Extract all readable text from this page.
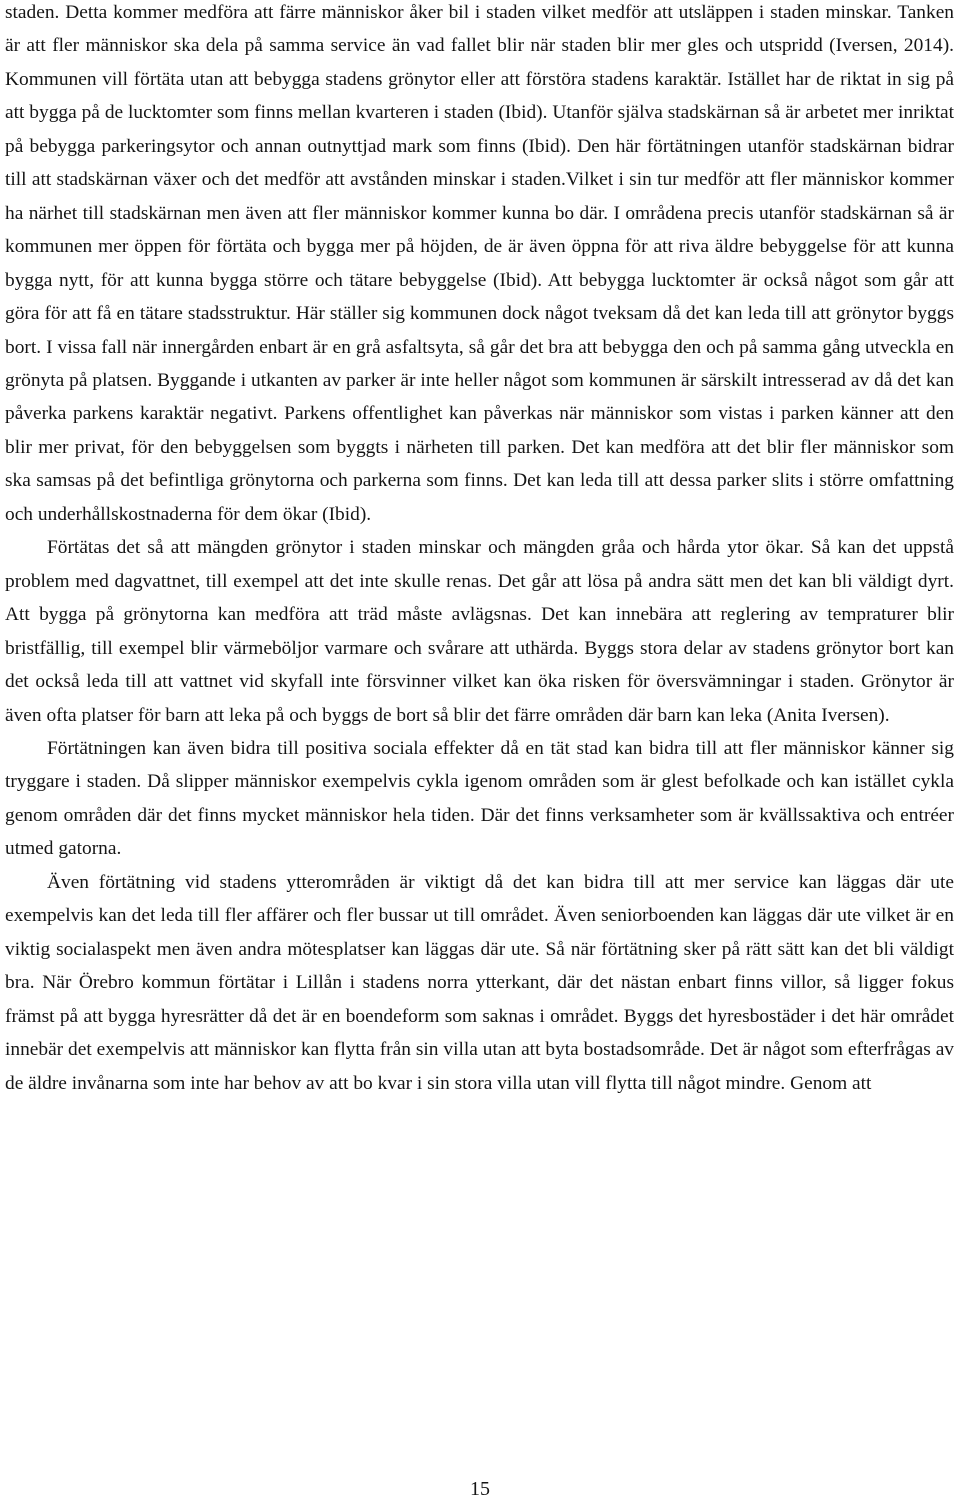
staden. Detta kommer medföra att färre människor åker bil i staden vilket medför att utsläppen i staden minskar. Tanken är att fler människor ska dela på samma service än vad fallet blir när staden blir mer gles och utspridd (Iversen, 2014). Kommunen vill förtäta utan att bebygga stadens grönytor eller att förstöra stadens karaktär. Istället har de riktat in sig på att bygga på de lucktomter som finns mellan kvarteren i staden (Ibid). Utanför själva stadskärnan så är arbetet mer inriktat på bebygga parkeringsytor och annan outnyttjad mark som finns (Ibid). Den här förtätningen utanför stadskärnan bidrar till att stadskärnan växer och det medför att avstånden minskar i staden.Vilket i sin tur medför att fler människor kommer ha närhet till stadskärnan men även att fler människor kommer kunna bo där. I områdena precis utanför stadskärnan så är kommunen mer öppen för förtäta och bygga mer på höjden, de är även öppna för att riva äldre bebyggelse för att kunna bygga nytt, för att kunna bygga större och tätare bebyggelse (Ibid). Att bebygga lucktomter är också något som går att göra för att få en tätare stadsstruktur. Här ställer sig kommunen dock något tveksam då det kan leda till att grönytor byggs bort. I vissa fall när innergården enbart är en grå asfaltsyta, så går det bra att bebygga den och på samma gång utveckla en grönyta på platsen. Byggande i utkanten av parker är inte heller något som kommunen är särskilt intresserad av då det kan påverka parkens karaktär negativt. Parkens offentlighet kan påverkas när människor som vistas i parken känner att den blir mer privat, för den bebyggelsen som byggts i närheten till parken. Det kan medföra att det blir fler människor som ska samsas på det befintliga grönytorna och parkerna som finns. Det kan leda till att dessa parker slits i större omfattning och underhållskostnaderna för dem ökar (Ibid).

Förtätas det så att mängden grönytor i staden minskar och mängden gråa och hårda ytor ökar. Så kan det uppstå problem med dagvattnet, till exempel att det inte skulle renas. Det går att lösa på andra sätt men det kan bli väldigt dyrt. Att bygga på grönytorna kan medföra att träd måste avlägsnas. Det kan innebära att reglering av tempraturer blir bristfällig, till exempel blir värmeböljor varmare och svårare att uthärda. Byggs stora delar av stadens grönytor bort kan det också leda till att vattnet vid skyfall inte försvinner vilket kan öka risken för översvämningar i staden. Grönytor är även ofta platser för barn att leka på och byggs de bort så blir det färre områden där barn kan leka (Anita Iversen).

Förtätningen kan även bidra till positiva sociala effekter då en tät stad kan bidra till att fler människor känner sig tryggare i staden. Då slipper människor exempelvis cykla igenom områden som är glest befolkade och kan istället cykla genom områden där det finns mycket människor hela tiden. Där det finns verksamheter som är kvällssaktiva och entréer utmed gatorna.

Även förtätning vid stadens ytterområden är viktigt då det kan bidra till att mer service kan läggas där ute exempelvis kan det leda till fler affärer och fler bussar ut till området. Även seniorboenden kan läggas där ute vilket är en viktig socialaspekt men även andra mötesplatser kan läggas där ute. Så när förtätning sker på rätt sätt kan det bli väldigt bra. När Örebro kommun förtätar i Lillån i stadens norra ytterkant, där det nästan enbart finns villor, så ligger fokus främst på att bygga hyresrätter då det är en boendeform som saknas i området. Byggs det hyresbostäder i det här området innebär det exempelvis att människor kan flytta från sin villa utan att byta bostadsområde. Det är något som efterfrågas av de äldre invånarna som inte har behov av att bo kvar i sin stora villa utan vill flytta till något mindre. Genom att

15
